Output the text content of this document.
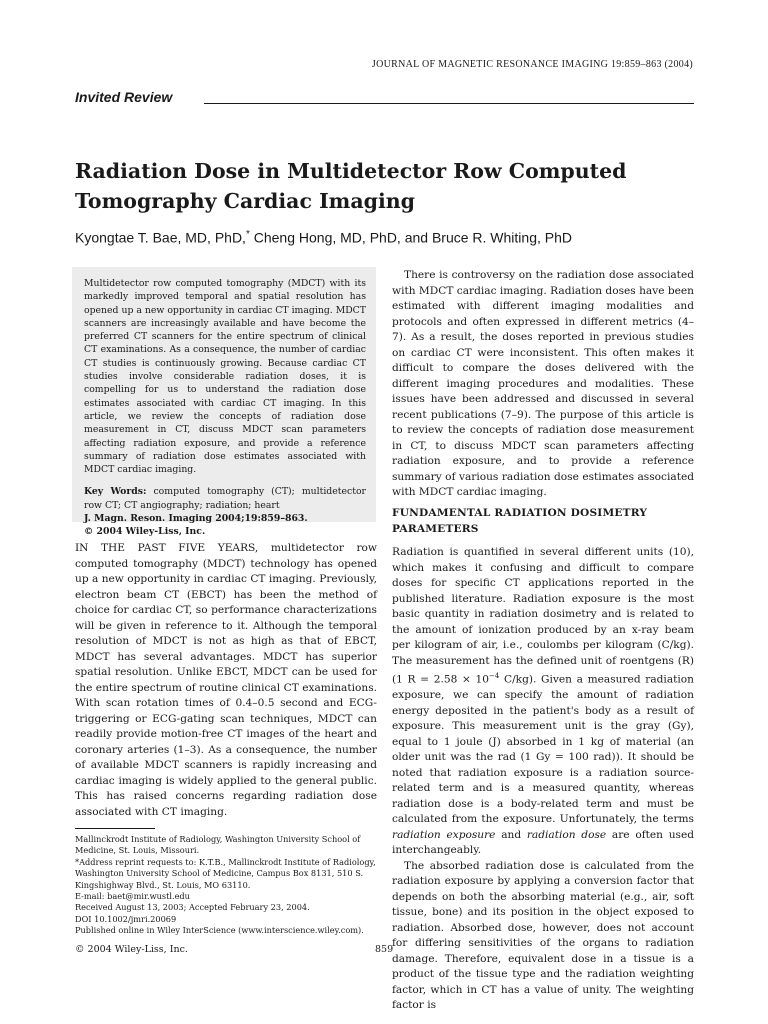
JOURNAL OF MAGNETIC RESONANCE IMAGING 19:859–863 (2004)
Invited Review
Radiation Dose in Multidetector Row Computed Tomography Cardiac Imaging
Kyongtae T. Bae, MD, PhD,* Cheng Hong, MD, PhD, and Bruce R. Whiting, PhD

Multidetector row computed tomography (MDCT) with its markedly improved temporal and spatial resolution has opened up a new opportunity in cardiac CT imaging. MDCT scanners are increasingly available and have become the preferred CT scanners for the entire spectrum of clinical CT examinations. As a consequence, the number of cardiac CT studies is continuously growing. Because cardiac CT studies involve considerable radiation doses, it is compelling for us to understand the radiation dose estimates associated with cardiac CT imaging. In this article, we review the concepts of radiation dose measurement in CT, discuss MDCT scan parameters affecting radiation exposure, and provide a reference summary of radiation dose estimates associated with MDCT cardiac imaging.

Key Words: computed tomography (CT); multidetector row CT; CT angiography; radiation; heart

J. Magn. Reson. Imaging 2004;19:859–863.

© 2004 Wiley-Liss, Inc.

IN THE PAST FIVE YEARS, multidetector row computed tomography (MDCT) technology has opened up a new opportunity in cardiac CT imaging. Previously, electron beam CT (EBCT) has been the method of choice for cardiac CT, so performance characterizations will be given in reference to it. Although the temporal resolution of MDCT is not as high as that of EBCT, MDCT has several advantages. MDCT has superior spatial resolution. Unlike EBCT, MDCT can be used for the entire spectrum of routine clinical CT examinations. With scan rotation times of 0.4–0.5 second and ECG-triggering or ECG-gating scan techniques, MDCT can readily provide motion-free CT images of the heart and coronary arteries (1–3). As a consequence, the number of available MDCT scanners is rapidly increasing and cardiac imaging is widely applied to the general public. This has raised concerns regarding radiation dose associated with CT imaging.

There is controversy on the radiation dose associated with MDCT cardiac imaging. Radiation doses have been estimated with different imaging modalities and protocols and often expressed in different metrics (4–7). As a result, the doses reported in previous studies on cardiac CT were inconsistent. This often makes it difficult to compare the doses delivered with the different imaging procedures and modalities. These issues have been addressed and discussed in several recent publications (7–9). The purpose of this article is to review the concepts of radiation dose measurement in CT, to discuss MDCT scan parameters affecting radiation exposure, and to provide a reference summary of various radiation dose estimates associated with MDCT cardiac imaging.

FUNDAMENTAL RADIATION DOSIMETRY PARAMETERS

Radiation is quantified in several different units (10), which makes it confusing and difficult to compare doses for specific CT applications reported in the published literature. Radiation exposure is the most basic quantity in radiation dosimetry and is related to the amount of ionization produced by an x-ray beam per kilogram of air, i.e., coulombs per kilogram (C/kg). The measurement has the defined unit of roentgens (R) (1 $R = 2.58 \times 10^{-4}$ C/kg). Given a measured radiation exposure, we can specify the amount of radiation energy deposited in the patient's body as a result of exposure. This measurement unit is the gray (Gy), equal to 1 joule (J) absorbed in 1 kg of material (an older unit was the rad (1 Gy = 100 rad)). It should be noted that radiation exposure is a radiation source-related term and is a measured quantity, whereas radiation dose is a body-related term and must be calculated from the exposure. Unfortunately, the terms radiation exposure and radiation dose are often used interchangeably.

The absorbed radiation dose is calculated from the radiation exposure by applying a conversion factor that depends on both the absorbing material (e.g., air, soft tissue, bone) and its position in the object exposed to radiation. Absorbed dose, however, does not account for differing sensitivities of the organs to radiation damage. Therefore, equivalent dose in a tissue is a product of the tissue type and the radiation weighting factor, which in CT has a value of unity. The weighting factor is

Mallinckrodt Institute of Radiology, Washington University School of Medicine, St. Louis, Missouri.

*Address reprint requests to: K.T.B., Mallinckrodt Institute of Radiology, Washington University School of Medicine, Campus Box 8131, 510 S. Kingshighway Blvd., St. Louis, MO 63110.

E-mail: baet@mir.wustl.edu

Received August 13, 2003; Accepted February 23, 2004.

DOI 10.1002/jmri.20069

Published online in Wiley InterScience (www.interscience.wiley.com).

© 2004 Wiley-Liss, Inc.	859
